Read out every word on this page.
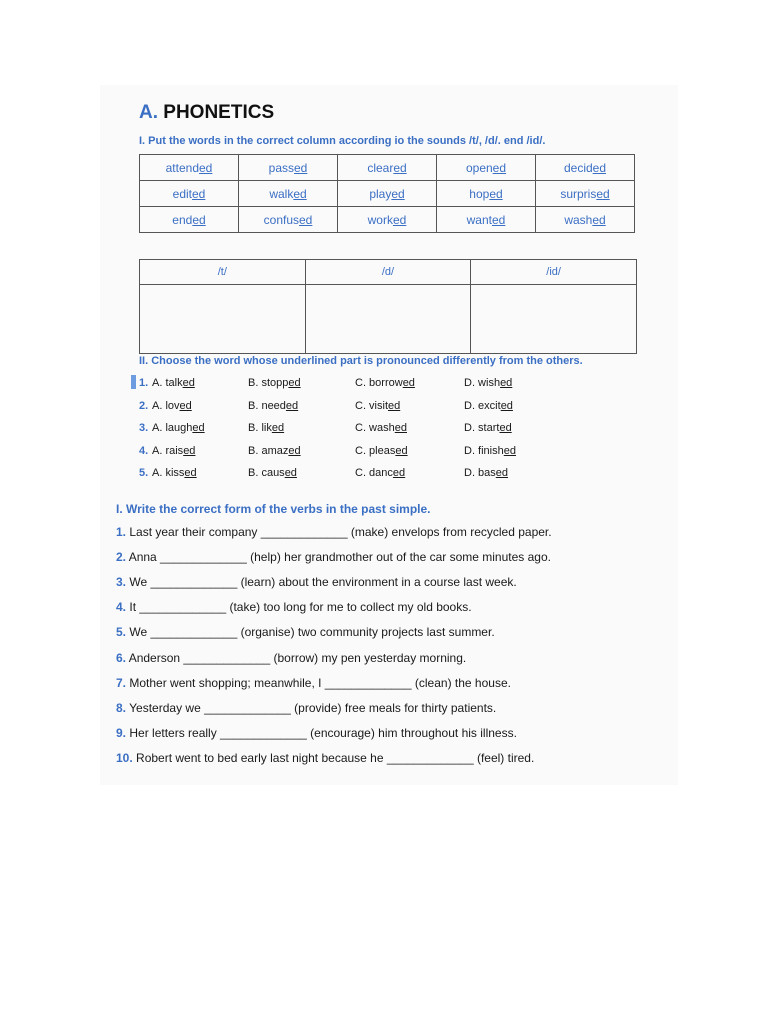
A. PHONETICS
I. Put the words in the correct column according io the sounds /t/, /d/. end /id/.
attended	passed	cleared	opened	decided
edited	walked	played	hoped	surprised
ended	confused	worked	wanted	washed
/t/	/d/	/id/

II. Choose the word whose underlined part is pronounced differently from the others.
1. A. talked	B. stopped	C. borrowed	D. wished
2. A. loved	B. needed	C. visited	D. excited
3. A. laughed	B. liked	C. washed	D. started
4. A. raised	B. amazed	C. pleased	D. finished
5. A. kissed	B. caused	C. danced	D. based
I. Write the correct form of the verbs in the past simple.
1. Last year their company _____________ (make) envelops from recycled paper.
2. Anna _____________ (help) her grandmother out of the car some minutes ago.
3. We _____________ (learn) about the environment in a course last week.
4. It _____________ (take) too long for me to collect my old books.
5. We _____________ (organise) two community projects last summer.
6. Anderson _____________ (borrow) my pen yesterday morning.
7. Mother went shopping; meanwhile, I _____________ (clean) the house.
8. Yesterday we _____________ (provide) free meals for thirty patients.
9. Her letters really _____________ (encourage) him throughout his illness.
10. Robert went to bed early last night because he _____________ (feel) tired.
